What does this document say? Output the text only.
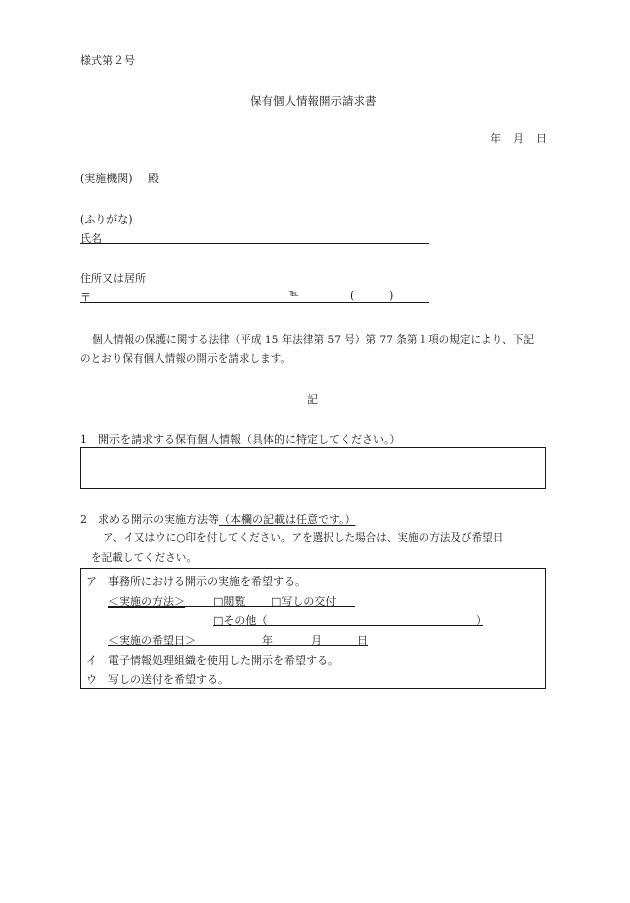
様式第２号
保有個人情報開示請求書
年 月 日
(実施機関) 殿
(ふりがな)
氏名
住所又は居所
〒	℡	(	)
個人情報の保護に関する法律（平成 15 年法律第 57 号）第 77 条第１項の規定により、下記
のとおり保有個人情報の開示を請求します。
記
1　開示を請求する保有個人情報（具体的に特定してください。）
2　求める開示の実施方法等（本欄の記載は任意です。）
ア、イ又はウに○印を付してください。アを選択した場合は、実施の方法及び希望日
を記載してください。
ア　事務所における開示の実施を希望する。
＜実施の方法＞	□閲覧 □写しの交付
□その他（	）
＜実施の希望日＞	年	月	日
イ　電子情報処理組織を使用した開示を希望する。
ウ　写しの送付を希望する。
